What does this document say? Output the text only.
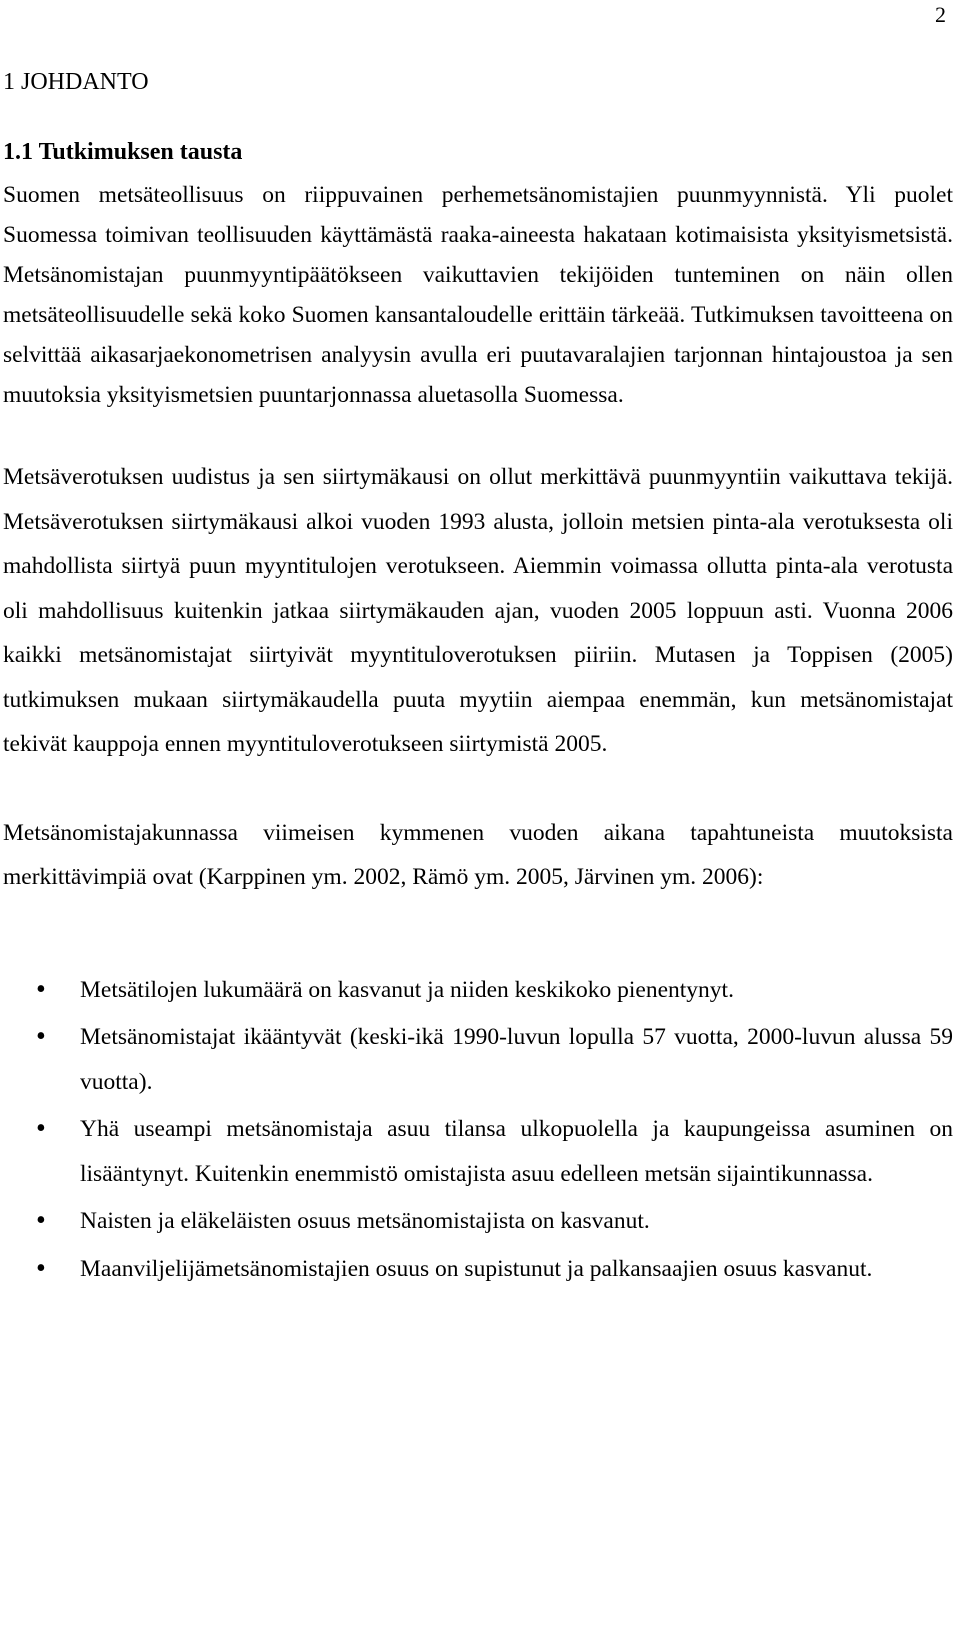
2
1 JOHDANTO
1.1 Tutkimuksen tausta

Suomen metsäteollisuus on riippuvainen perhemetsänomistajien puunmyynnistä. Yli puolet Suomessa toimivan teollisuuden käyttämästä raaka-aineesta hakataan kotimaisista yksityismetsistä. Metsänomistajan puunmyyntipäätökseen vaikuttavien tekijöiden tunteminen on näin ollen metsäteollisuudelle sekä koko Suomen kansantaloudelle erittäin tärkeää. Tutkimuksen tavoitteena on selvittää aikasarjaekonometrisen analyysin avulla eri puutavaralajien tarjonnan hintajoustoa ja sen muutoksia yksityismetsien puuntarjonnassa aluetasolla Suomessa.

Metsäverotuksen uudistus ja sen siirtymäkausi on ollut merkittävä puunmyyntiin vaikuttava tekijä. Metsäverotuksen siirtymäkausi alkoi vuoden 1993 alusta, jolloin metsien pinta-ala verotuksesta oli mahdollista siirtyä puun myyntitulojen verotukseen. Aiemmin voimassa ollutta pinta-ala verotusta oli mahdollisuus kuitenkin jatkaa siirtymäkauden ajan, vuoden 2005 loppuun asti. Vuonna 2006 kaikki metsänomistajat siirtyivät myyntituloverotuksen piiriin. Mutasen ja Toppisen (2005) tutkimuksen mukaan siirtymäkaudella puuta myytiin aiempaa enemmän, kun metsänomistajat tekivät kauppoja ennen myyntituloverotukseen siirtymistä 2005.

Metsänomistajakunnassa viimeisen kymmenen vuoden aikana tapahtuneista muutoksista merkittävimpiä ovat (Karppinen ym. 2002, Rämö ym. 2005, Järvinen ym. 2006):

• Metsätilojen lukumäärä on kasvanut ja niiden keskikoko pienentynyt.
• Metsänomistajat ikääntyvät (keski-ikä 1990-luvun lopulla 57 vuotta, 2000-luvun alussa 59 vuotta).
• Yhä useampi metsänomistaja asuu tilansa ulkopuolella ja kaupungeissa asuminen on lisääntynyt. Kuitenkin enemmistö omistajista asuu edelleen metsän sijaintikunnassa.
• Naisten ja eläkeläisten osuus metsänomistajista on kasvanut.
• Maanviljelijämetsänomistajien osuus on supistunut ja palkansaajien osuus kasvanut.
